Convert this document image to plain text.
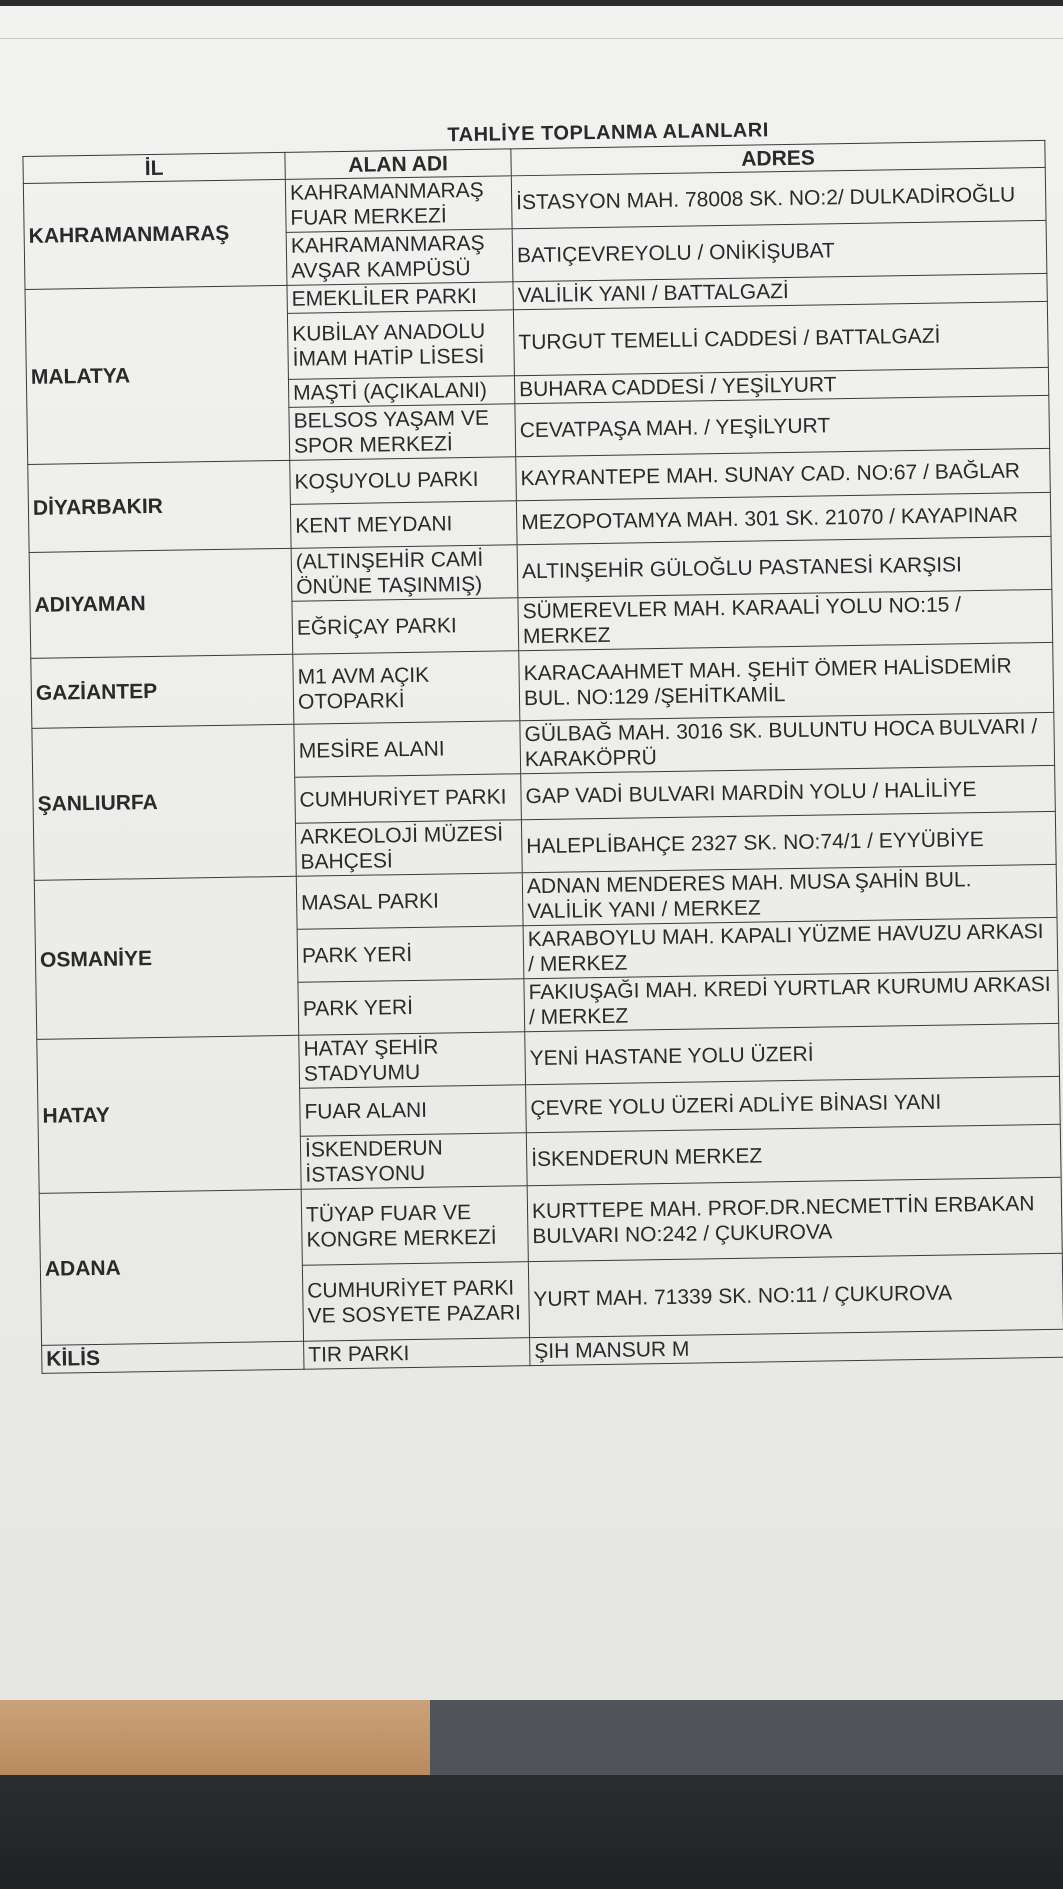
TAHLİYE TOPLANMA ALANLARI
İL	ALAN ADI	ADRES
KAHRAMANMARAŞ	KAHRAMANMARAŞ FUAR MERKEZİ	İSTASYON MAH. 78008 SK. NO:2/ DULKADİROĞLU
	KAHRAMANMARAŞ AVŞAR KAMPÜSÜ	BATIÇEVREYOLU / ONİKİŞUBAT
MALATYA	EMEKLİLER PARKI	VALİLİK YANI / BATTALGAZİ
	KUBİLAY ANADOLU İMAM HATİP LİSESİ	TURGUT TEMELLİ CADDESİ / BATTALGAZİ
	MAŞTİ (AÇIKALANI)	BUHARA CADDESİ / YEŞİLYURT
	BELSOS YAŞAM VE SPOR MERKEZİ	CEVATPAŞA MAH. / YEŞİLYURT
DİYARBAKIR	KOŞUYOLU PARKI	KAYRANTEPE MAH. SUNAY CAD. NO:67 / BAĞLAR
	KENT MEYDANI	MEZOPOTAMYA MAH. 301 SK. 21070 / KAYAPINAR
ADIYAMAN	(ALTINŞEHİR CAMİ ÖNÜNE TAŞINMIŞ)	ALTINŞEHİR GÜLOĞLU PASTANESİ KARŞISI
	EĞRİÇAY PARKI	SÜMEREVLER MAH. KARAALİ YOLU NO:15 / MERKEZ
GAZİANTEP	M1 AVM AÇIK OTOPARKİ	KARACAAHMET MAH. ŞEHİT ÖMER HALİSDEMİR BUL. NO:129 /ŞEHİTKAMİL
ŞANLIURFA	MESİRE ALANI	GÜLBAĞ MAH. 3016 SK. BULUNTU HOCA BULVARI / KARAKÖPRÜ
	CUMHURİYET PARKI	GAP VADİ BULVARI MARDİN YOLU / HALİLİYE
	ARKEOLOJİ MÜZESİ BAHÇESİ	HALEPLİBAHÇE 2327 SK. NO:74/1 / EYYÜBİYE
OSMANİYE	MASAL PARKI	ADNAN MENDERES MAH. MUSA ŞAHİN BUL. VALİLİK YANI / MERKEZ
	PARK YERİ	KARABOYLU MAH. KAPALI YÜZME HAVUZU ARKASI / MERKEZ
	PARK YERİ	FAKIUŞAĞI MAH. KREDİ YURTLAR KURUMU ARKASI / MERKEZ
HATAY	HATAY ŞEHİR STADYUMU	YENİ HASTANE YOLU ÜZERİ
	FUAR ALANI	ÇEVRE YOLU ÜZERİ ADLİYE BİNASI YANI
	İSKENDERUN İSTASYONU	İSKENDERUN MERKEZ
ADANA	TÜYAP FUAR VE KONGRE MERKEZİ	KURTTEPE MAH. PROF.DR.NECMETTİN ERBAKAN BULVARI NO:242 / ÇUKUROVA
	CUMHURİYET PARKI VE SOSYETE PAZARI	YURT MAH. 71339 SK. NO:11 / ÇUKUROVA
KİLİS	TIR PARKI	ŞIH MANSUR M
